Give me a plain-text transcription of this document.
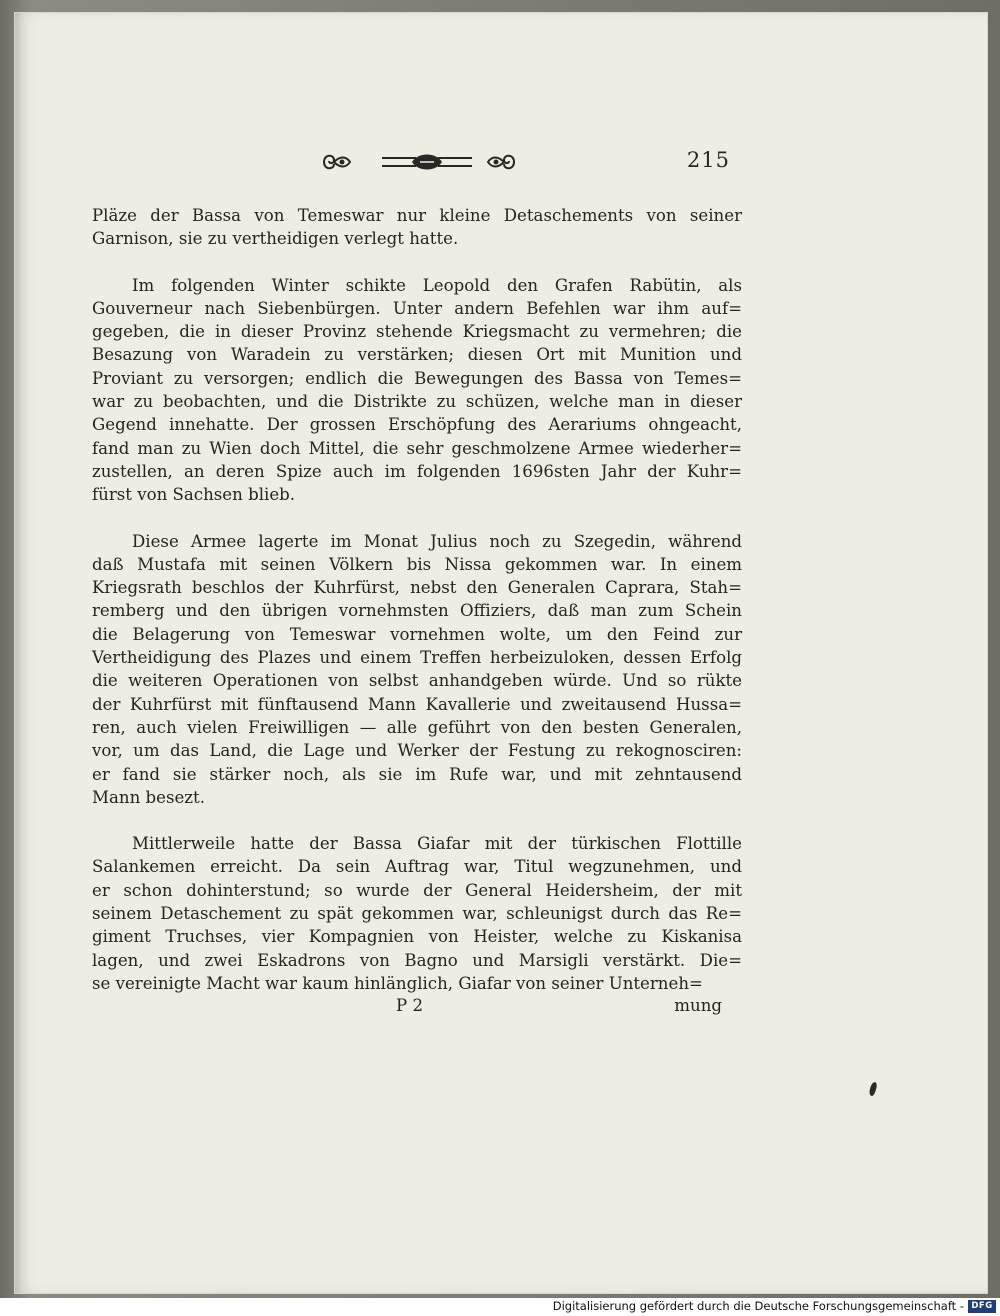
215
Pläze der Bassa von Temeswar nur kleine Detaschements von seiner
Garnison, sie zu vertheidigen verlegt hatte.
Im folgenden Winter schikte Leopold den Grafen Rabütin, als
Gouverneur nach Siebenbürgen. Unter andern Befehlen war ihm auf=
gegeben, die in dieser Provinz stehende Kriegsmacht zu vermehren; die
Besazung von Waradein zu verstärken; diesen Ort mit Munition und
Proviant zu versorgen; endlich die Bewegungen des Bassa von Temes=
war zu beobachten, und die Distrikte zu schüzen, welche man in dieser
Gegend innehatte. Der grossen Erschöpfung des Aerariums ohngeacht,
fand man zu Wien doch Mittel, die sehr geschmolzene Armee wiederher=
zustellen, an deren Spize auch im folgenden 1696sten Jahr der Kuhr=
fürst von Sachsen blieb.
Diese Armee lagerte im Monat Julius noch zu Szegedin, während
daß Mustafa mit seinen Völkern bis Nissa gekommen war. In einem
Kriegsrath beschlos der Kuhrfürst, nebst den Generalen Caprara, Stah=
remberg und den übrigen vornehmsten Offiziers, daß man zum Schein
die Belagerung von Temeswar vornehmen wolte, um den Feind zur
Vertheidigung des Plazes und einem Treffen herbeizuloken, dessen Erfolg
die weiteren Operationen von selbst anhandgeben würde. Und so rükte
der Kuhrfürst mit fünftausend Mann Kavallerie und zweitausend Hussa=
ren, auch vielen Freiwilligen — alle geführt von den besten Generalen,
vor, um das Land, die Lage und Werker der Festung zu rekognosciren:
er fand sie stärker noch, als sie im Rufe war, und mit zehntausend
Mann besezt.
Mittlerweile hatte der Bassa Giafar mit der türkischen Flottille
Salankemen erreicht. Da sein Auftrag war, Titul wegzunehmen, und
er schon dohinterstund; so wurde der General Heidersheim, der mit
seinem Detaschement zu spät gekommen war, schleunigst durch das Re=
giment Truchses, vier Kompagnien von Heister, welche zu Kiskanisa
lagen, und zwei Eskadrons von Bagno und Marsigli verstärkt. Die=
se vereinigte Macht war kaum hinlänglich, Giafar von seiner Unterneh=
P 2	mung
Digitalisierung gefördert durch die Deutsche Forschungsgemeinschaft - DFG
